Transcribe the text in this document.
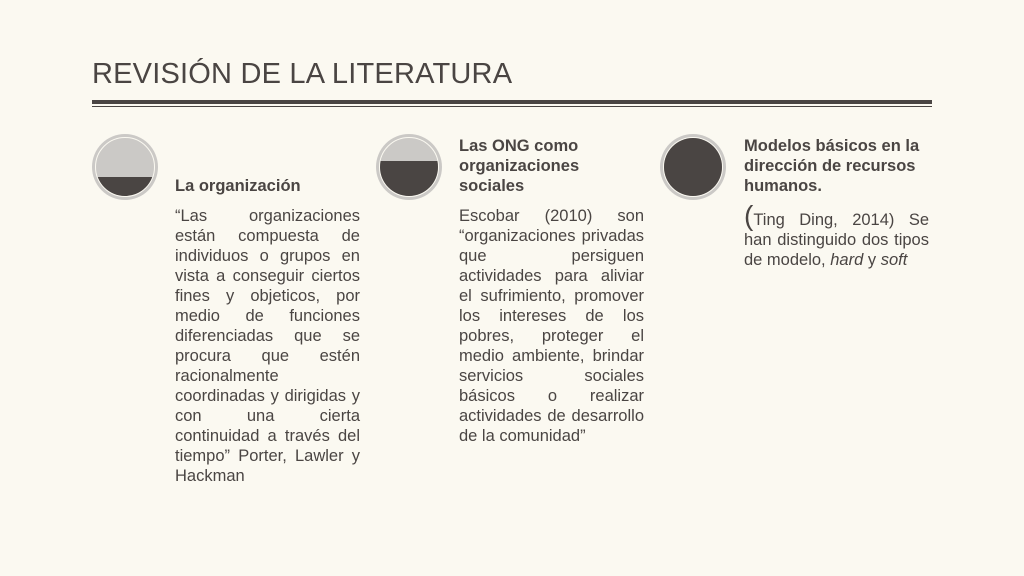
REVISIÓN DE LA LITERATURA

La organización

“Las organizaciones están compuesta de individuos o grupos en vista a conseguir ciertos fines y objeticos, por medio de funciones diferenciadas que se procura que estén racionalmente coordinadas y dirigidas y con una cierta continuidad a través del tiempo” Porter, Lawler y Hackman

Las ONG como organizaciones sociales

Escobar (2010) son “organizaciones privadas que persiguen actividades para aliviar el sufrimiento, promover los intereses de los pobres, proteger el medio ambiente, brindar servicios sociales básicos o realizar actividades de desarrollo de la comunidad”

Modelos básicos en la dirección de recursos humanos.

(Ting Ding, 2014) Se han distinguido dos tipos de modelo, hard y soft
